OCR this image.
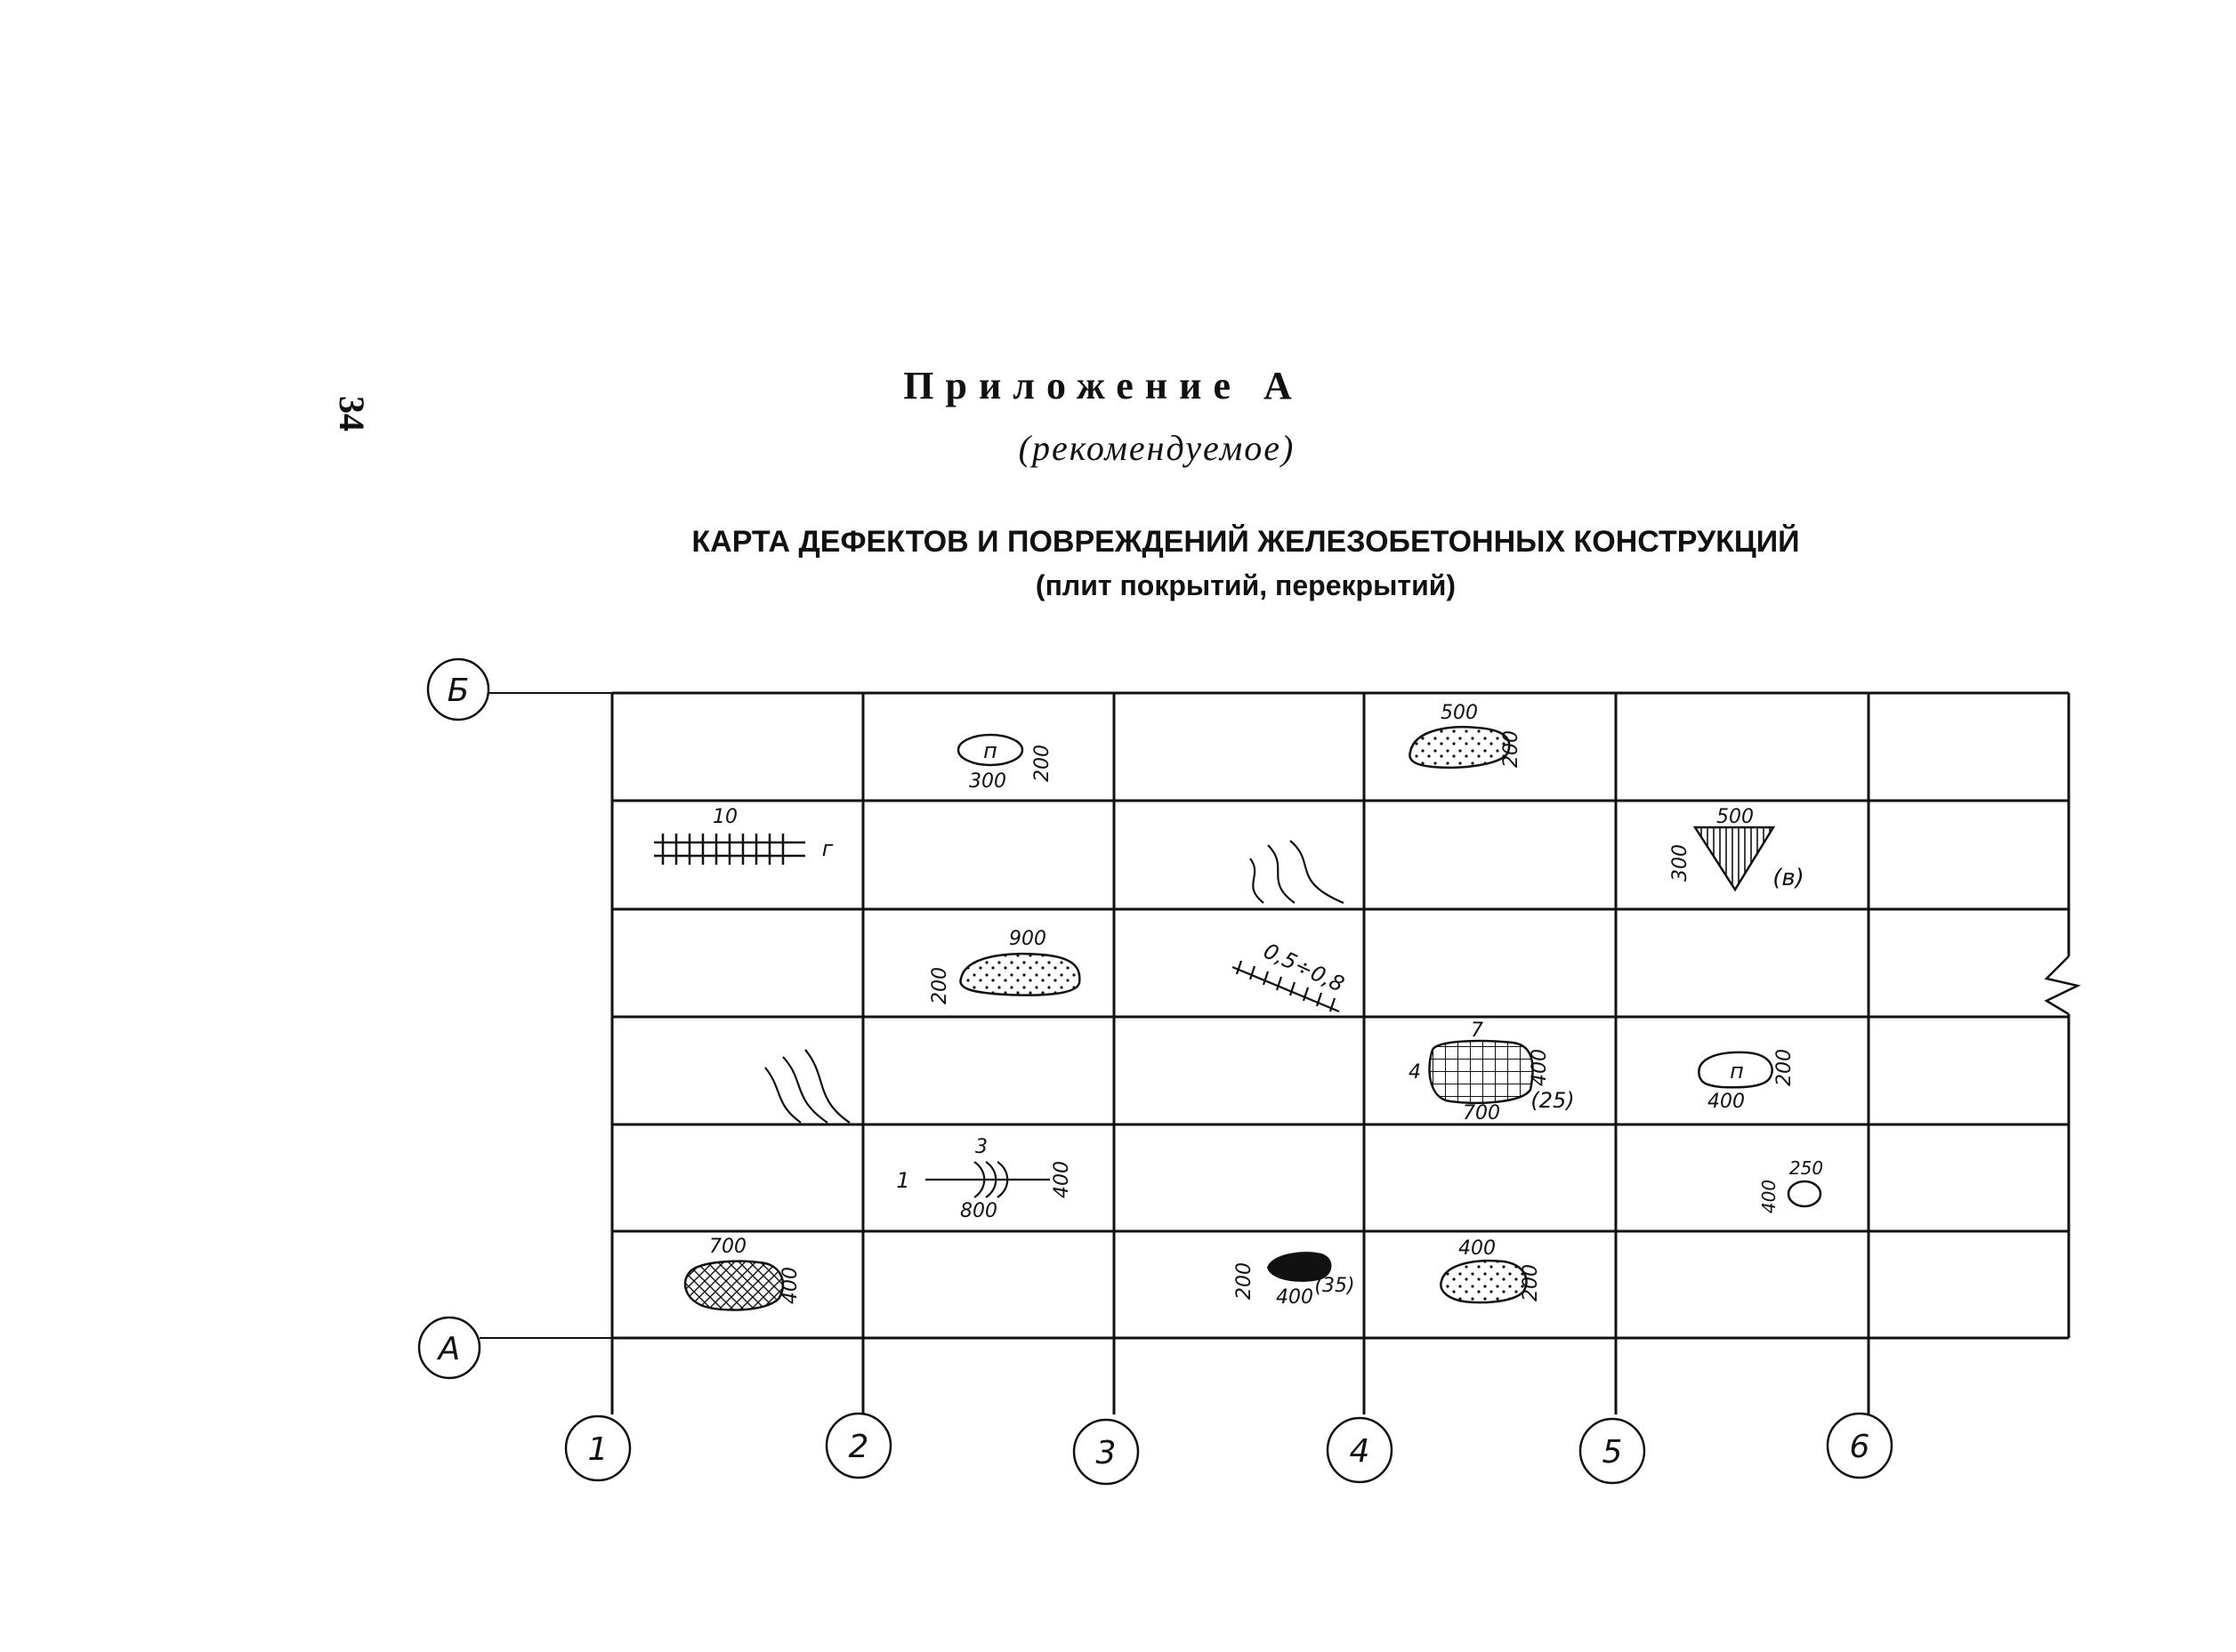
34
Приложение А
(рекомендуемое)
КАРТА ДЕФЕКТОВ И ПОВРЕЖДЕНИЙ ЖЕЛЕЗОБЕТОННЫХ КОНСТРУКЦИЙ
(плит покрытий, перекрытий)
Б
А
1	2	3	4	5	6
п
300 200
500
200
10
г
500
300	(в)
900
200	0,5÷0,8
7
4	400
700
(25)
п
400
200
1
3
800
400	250
400
700
400	200 400
(35)
400
200
